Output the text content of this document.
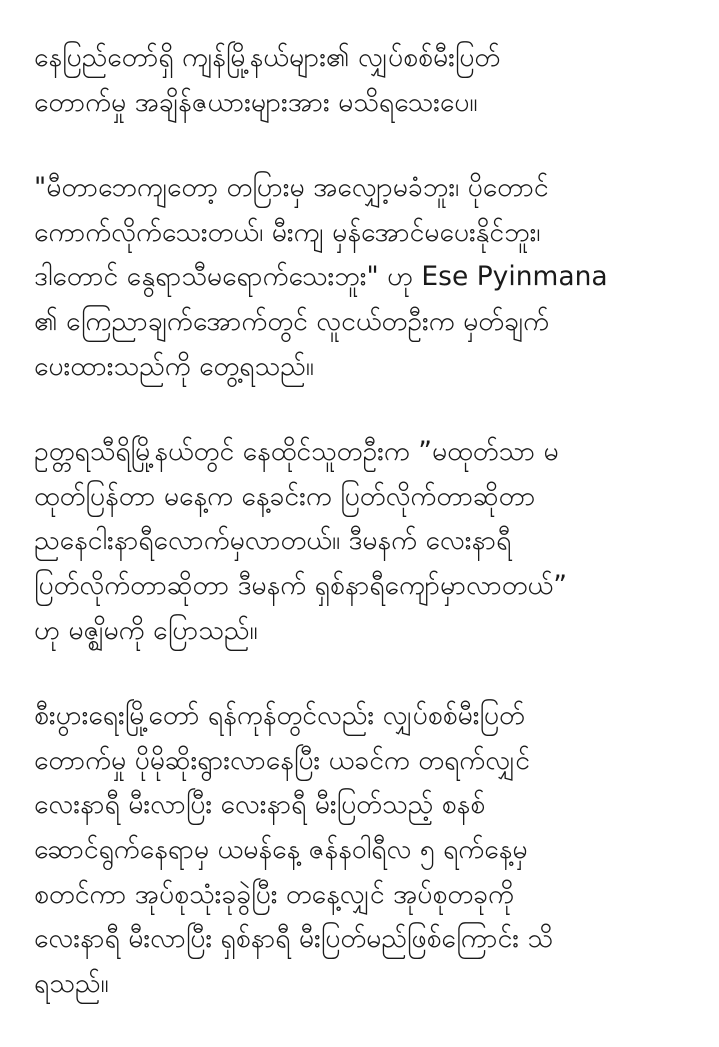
နေပြည်တော်ရှိ ကျန်မြို့နယ်များ၏ လျှပ်စစ်မီးပြတ်
တောက်မှု အချိန်ဇယားများအား မသိရသေးပေ။

"မီတာဘေကျတော့ တပြားမှ အလျှော့မခံဘူး၊ ပိုတောင်
ကောက်လိုက်သေးတယ်၊ မီးကျ မှန်အောင်မပေးနိုင်ဘူး၊
ဒါတောင် နွေရာသီမရောက်သေးဘူး" ဟု Ese Pyinmana
၏ ကြေညာချက်အောက်တွင် လူငယ်တဦးက မှတ်ချက်
ပေးထားသည်ကို တွေ့ရသည်။

ဥတ္တရသီရိမြို့နယ်တွင် နေထိုင်သူတဦးက ”မထုတ်သာ မ
ထုတ်ပြန်တာ မနေ့က နေ့ခင်းက ပြတ်လိုက်တာဆိုတာ
ညနေငါးနာရီလောက်မှလာတယ်။ ဒီမနက် လေးနာရီ
ပြတ်လိုက်တာဆိုတာ ဒီမနက် ရှစ်နာရီကျော်မှာလာတယ်”
ဟု မဇ္ဈိမကို ပြောသည်။

စီးပွားရေးမြို့တော် ရန်ကုန်တွင်လည်း လျှပ်စစ်မီးပြတ်
တောက်မှု ပိုမိုဆိုးရွားလာနေပြီး ယခင်က တရက်လျှင်
လေးနာရီ မီးလာပြီး လေးနာရီ မီးပြတ်သည့် စနစ်
ဆောင်ရွက်နေရာမှ ယမန်နေ့ ဇန်နဝါရီလ ၅ ရက်နေ့မှ
စတင်ကာ အုပ်စုသုံးခုခွဲပြီး တနေ့လျှင် အုပ်စုတခုကို
လေးနာရီ မီးလာပြီး ရှစ်နာရီ မီးပြတ်မည်ဖြစ်ကြောင်း သိ
ရသည်။
